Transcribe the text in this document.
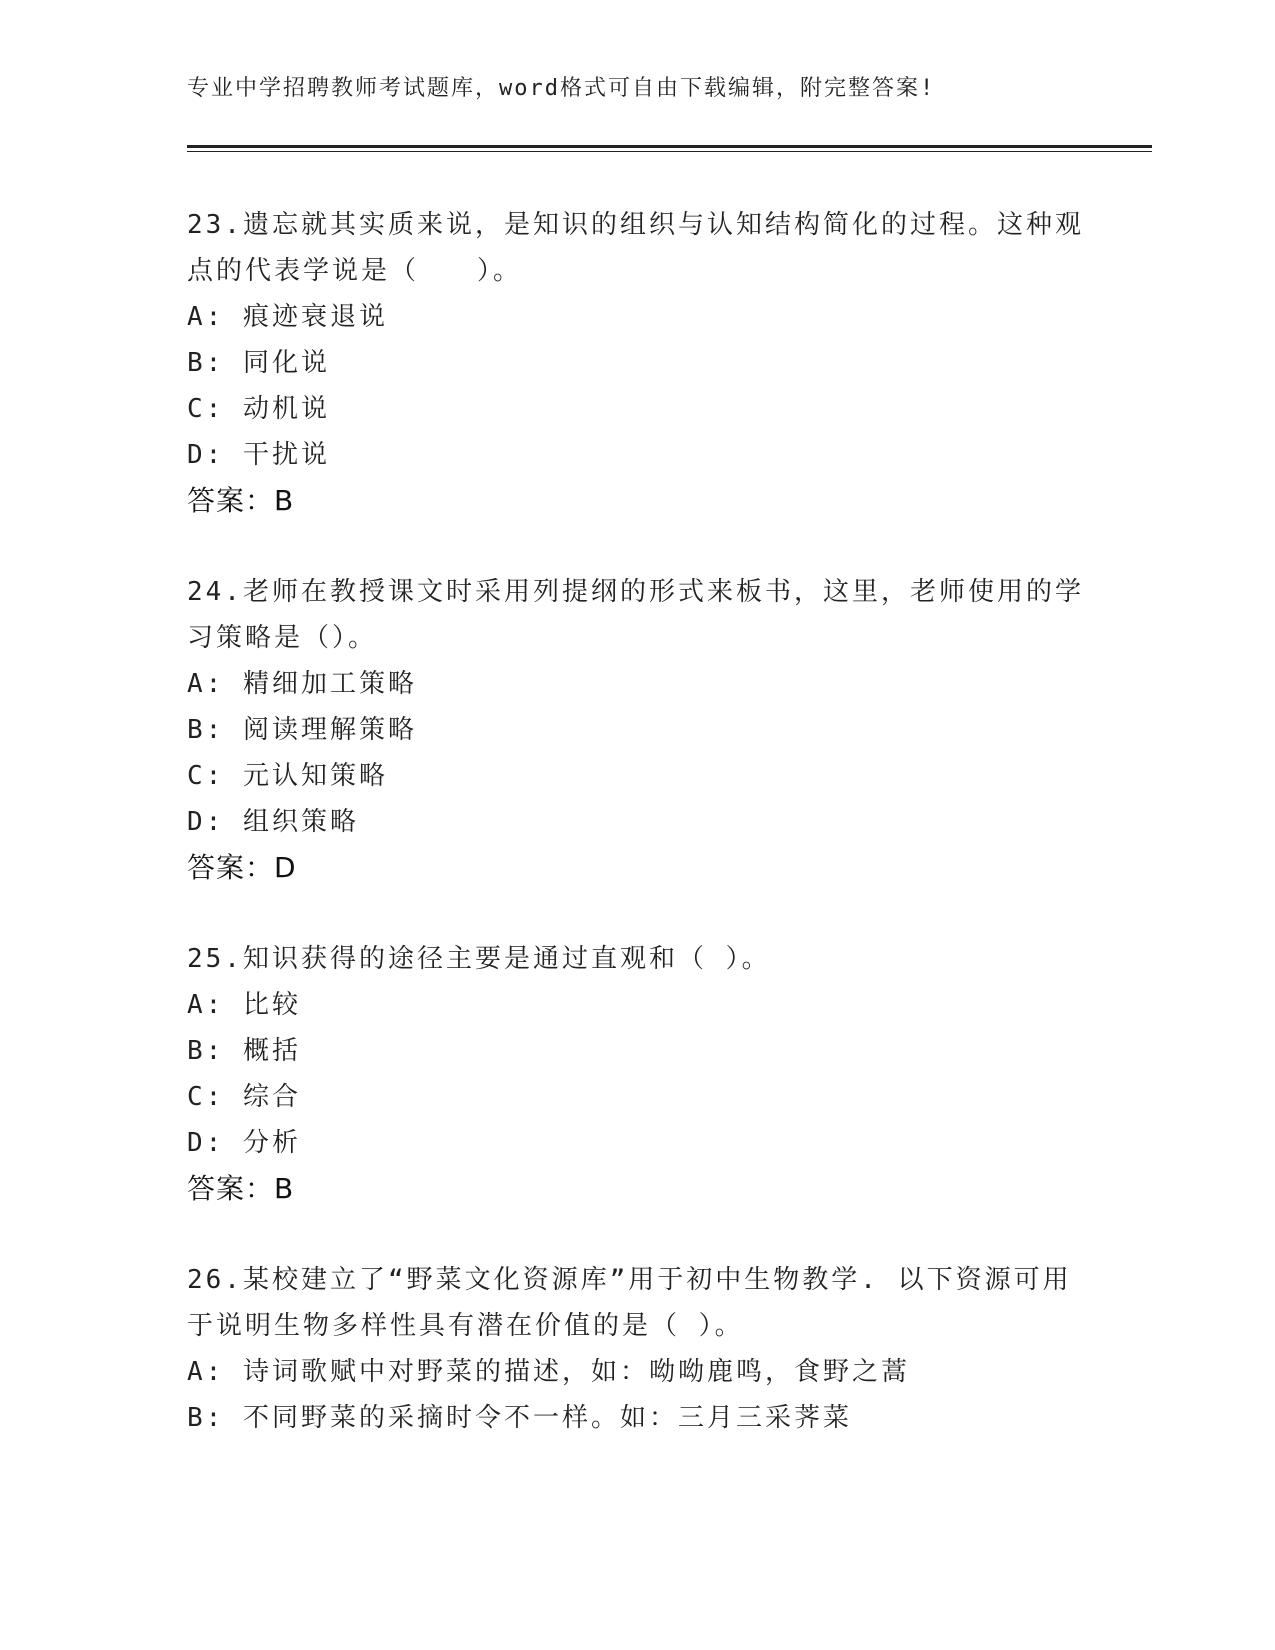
专业中学招聘教师考试题库，word格式可自由下载编辑，附完整答案!
23.遗忘就其实质来说，是知识的组织与认知结构简化的过程。这种观点的代表学说是（　　）。
A: 痕迹衰退说
B: 同化说
C: 动机说
D: 干扰说
答案：B
24.老师在教授课文时采用列提纲的形式来板书，这里，老师使用的学习策略是（）。
A: 精细加工策略
B: 阅读理解策略
C: 元认知策略
D: 组织策略
答案：D
25.知识获得的途径主要是通过直观和（ ）。
A: 比较
B: 概括
C: 综合
D: 分析
答案：B
26.某校建立了“野菜文化资源库”用于初中生物教学. 以下资源可用于说明生物多样性具有潜在价值的是（ ）。
A: 诗词歌赋中对野菜的描述，如：呦呦鹿鸣，食野之蒿
B: 不同野菜的采摘时令不一样。如：三月三采荠菜
